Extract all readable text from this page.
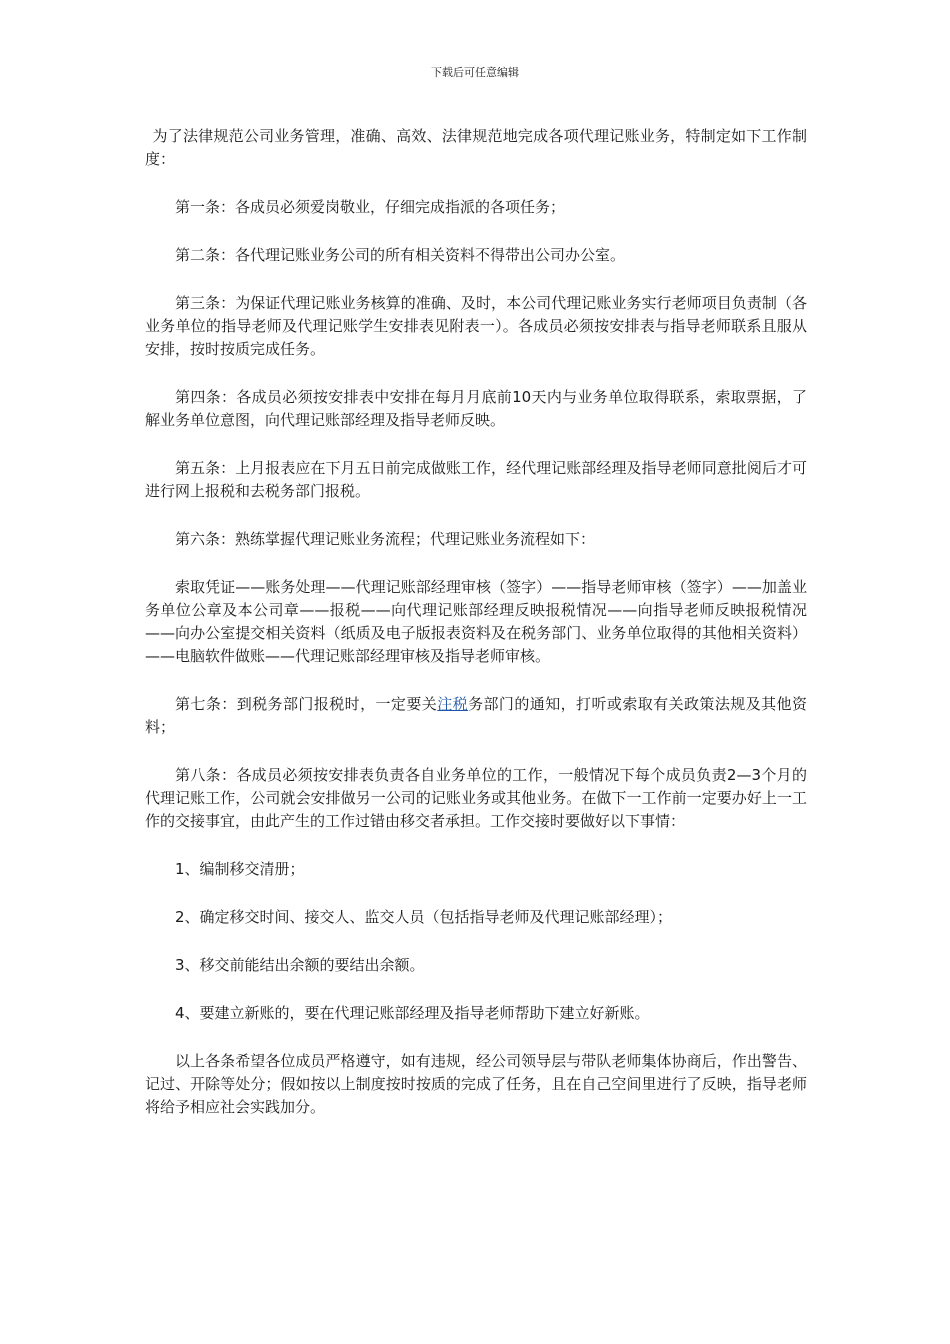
下载后可任意编辑

为了法律规范公司业务管理，准确、高效、法律规范地完成各项代理记账业务，特制定如下工作制度：

第一条：各成员必须爱岗敬业，仔细完成指派的各项任务；

第二条：各代理记账业务公司的所有相关资料不得带出公司办公室。

第三条：为保证代理记账业务核算的准确、及时，本公司代理记账业务实行老师项目负责制（各业务单位的指导老师及代理记账学生安排表见附表一）。各成员必须按安排表与指导老师联系且服从安排，按时按质完成任务。

第四条：各成员必须按安排表中安排在每月月底前10天内与业务单位取得联系，索取票据，了解业务单位意图，向代理记账部经理及指导老师反映。

第五条：上月报表应在下月五日前完成做账工作，经代理记账部经理及指导老师同意批阅后才可进行网上报税和去税务部门报税。

第六条：熟练掌握代理记账业务流程；代理记账业务流程如下：

索取凭证——账务处理——代理记账部经理审核（签字）——指导老师审核（签字）——加盖业务单位公章及本公司章——报税——向代理记账部经理反映报税情况——向指导老师反映报税情况——向办公室提交相关资料（纸质及电子版报表资料及在税务部门、业务单位取得的其他相关资料）——电脑软件做账——代理记账部经理审核及指导老师审核。

第七条：到税务部门报税时，一定要关注税务部门的通知，打听或索取有关政策法规及其他资料；

第八条：各成员必须按安排表负责各自业务单位的工作，一般情况下每个成员负责2—3个月的代理记账工作，公司就会安排做另一公司的记账业务或其他业务。在做下一工作前一定要办好上一工作的交接事宜，由此产生的工作过错由移交者承担。工作交接时要做好以下事情：

1、编制移交清册；

2、确定移交时间、接交人、监交人员（包括指导老师及代理记账部经理）；

3、移交前能结出余额的要结出余额。

4、要建立新账的，要在代理记账部经理及指导老师帮助下建立好新账。

以上各条希望各位成员严格遵守，如有违规，经公司领导层与带队老师集体协商后，作出警告、记过、开除等处分；假如按以上制度按时按质的完成了任务，且在自己空间里进行了反映，指导老师将给予相应社会实践加分。
